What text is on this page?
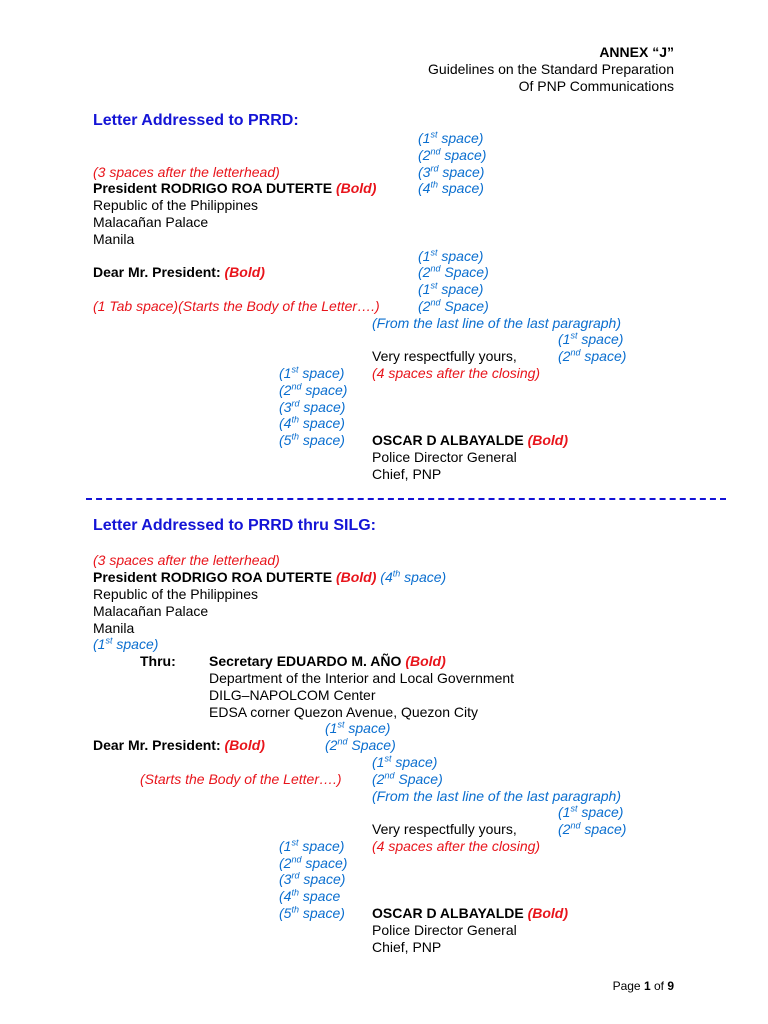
ANNEX “J”
Guidelines on the Standard Preparation
Of PNP Communications
Letter Addressed to PRRD:
(1st space)
(2nd space)
(3 spaces after the letterhead)	(3rd space)
President RODRIGO ROA DUTERTE (Bold)	(4th space)
Republic of the Philippines
Malacañan Palace
Manila
(1st space)
Dear Mr. President: (Bold)	(2nd Space)
(1st space)
(1 Tab space)(Starts the Body of the Letter….)	(2nd Space)
(From the last line of the last paragraph)
(1st space)
Very respectfully yours,	(2nd space)
(1st space) (4 spaces after the closing)
(2nd space)
(3rd space)
(4th space)
(5th space) OSCAR D ALBAYALDE (Bold)
Police Director General
Chief, PNP
Letter Addressed to PRRD thru SILG:
(3 spaces after the letterhead)
President RODRIGO ROA DUTERTE (Bold) (4th space)
Republic of the Philippines
Malacañan Palace
Manila
(1st space)
Thru: Secretary EDUARDO M. AÑO (Bold)
Department of the Interior and Local Government
DILG–NAPOLCOM Center
EDSA corner Quezon Avenue, Quezon City
(1st space)
Dear Mr. President: (Bold)	(2nd Space)
(1st space)
(Starts the Body of the Letter….) (2nd Space)
(From the last line of the last paragraph)
(1st space)
Very respectfully yours,	(2nd space)
(1st space) (4 spaces after the closing)
(2nd space)
(3rd space)
(4th space
(5th space) OSCAR D ALBAYALDE (Bold)
Police Director General
Chief, PNP
Page 1 of 9
